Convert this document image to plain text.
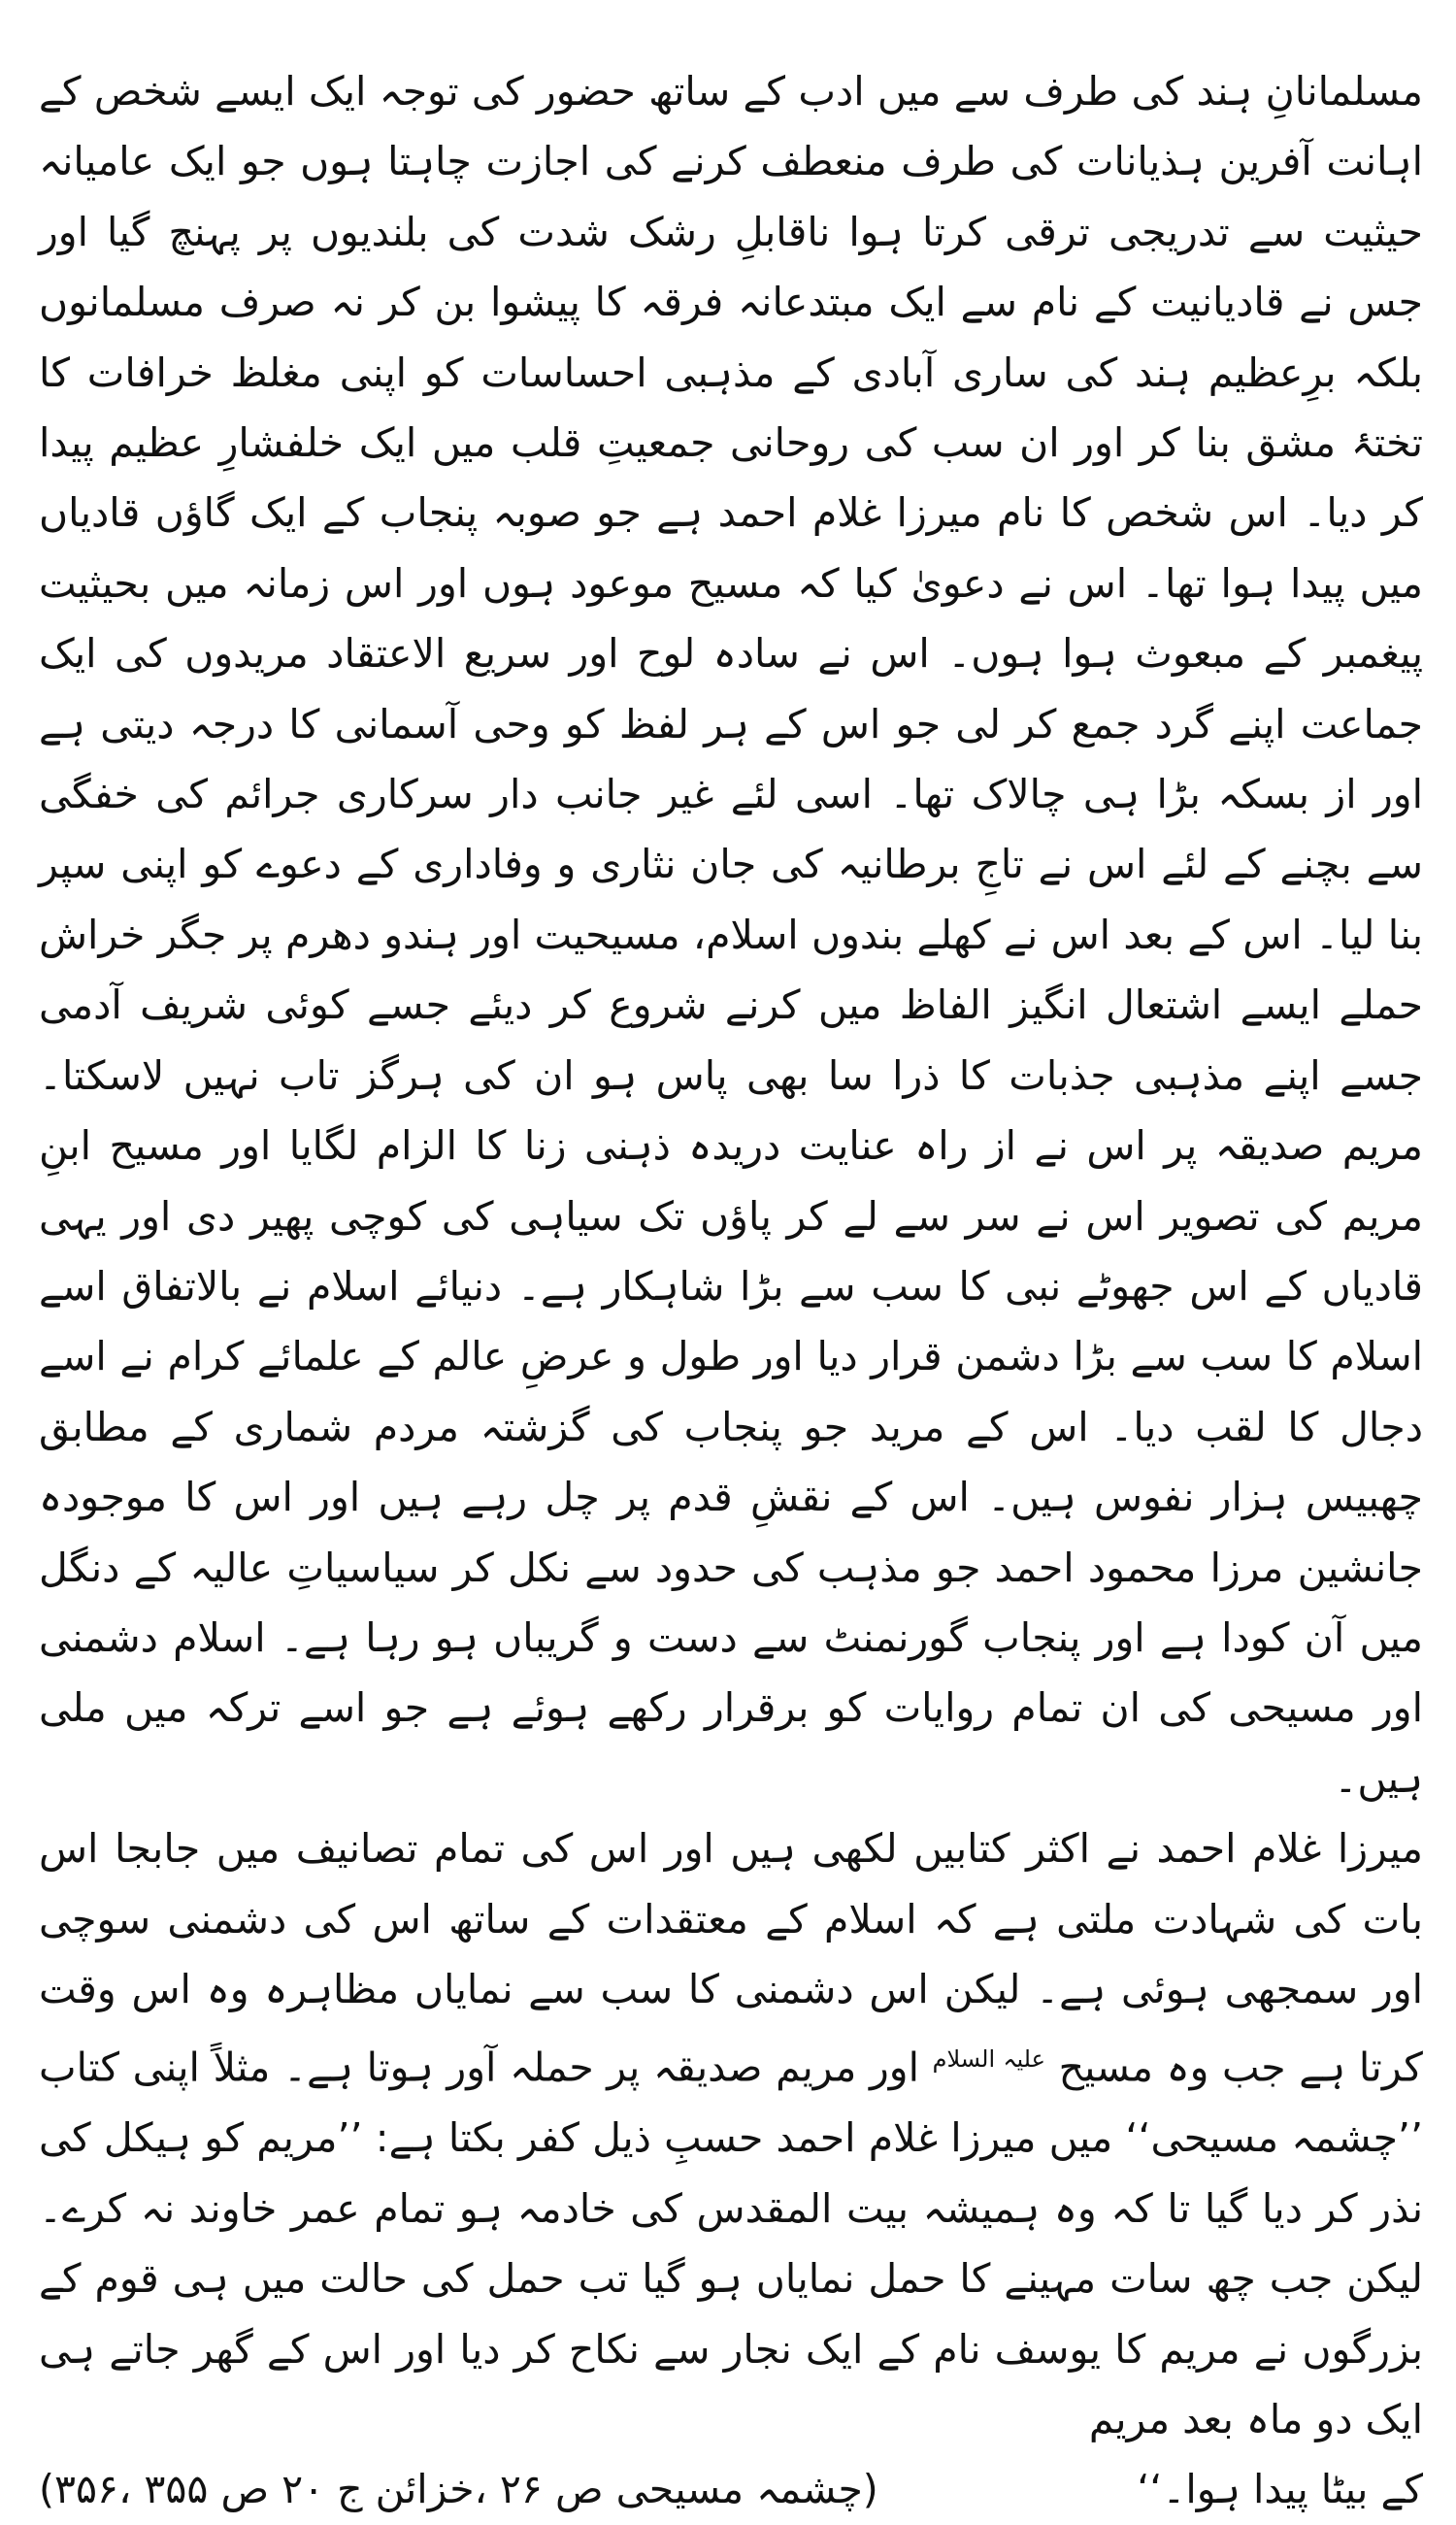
مسلمانانِ ہند کی طرف سے میں ادب کے ساتھ حضور کی توجہ ایک ایسے شخص کے اہانت آفرین ہذیانات کی طرف منعطف کرنے کی اجازت چاہتا ہوں جو ایک عامیانہ حیثیت سے تدریجی ترقی کرتا ہوا ناقابلِ رشک شدت کی بلندیوں پر پہنچ گیا اور جس نے قادیانیت کے نام سے ایک مبتدعانہ فرقہ کا پیشوا بن کر نہ صرف مسلمانوں بلکہ برِعظیم ہند کی ساری آبادی کے مذہبی احساسات کو اپنی مغلظ خرافات کا تختۂ مشق بنا کر اور ان سب کی روحانی جمعیتِ قلب میں ایک خلفشارِ عظیم پیدا کر دیا۔ اس شخص کا نام میرزا غلام احمد ہے جو صوبہ پنجاب کے ایک گاؤں قادیاں میں پیدا ہوا تھا۔ اس نے دعویٰ کیا کہ مسیح موعود ہوں اور اس زمانہ میں بحیثیت پیغمبر کے مبعوث ہوا ہوں۔ اس نے سادہ لوح اور سریع الاعتقاد مریدوں کی ایک جماعت اپنے گرد جمع کر لی جو اس کے ہر لفظ کو وحی آسمانی کا درجہ دیتی ہے اور از بسکہ بڑا ہی چالاک تھا۔ اسی لئے غیر جانب دار سرکاری جرائم کی خفگی سے بچنے کے لئے اس نے تاجِ برطانیہ کی جان نثاری و وفاداری کے دعوے کو اپنی سپر بنا لیا۔ اس کے بعد اس نے کھلے بندوں اسلام، مسیحیت اور ہندو دھرم پر جگر خراش حملے ایسے اشتعال انگیز الفاظ میں کرنے شروع کر دیئے جسے کوئی شریف آدمی جسے اپنے مذہبی جذبات کا ذرا سا بھی پاس ہو ان کی ہرگز تاب نہیں لاسکتا۔ مریم صدیقہ پر اس نے از راہ عنایت دریدہ ذہنی زنا کا الزام لگایا اور مسیح ابنِ مریم کی تصویر اس نے سر سے لے کر پاؤں تک سیاہی کی کوچی پھیر دی اور یہی قادیاں کے اس جھوٹے نبی کا سب سے بڑا شاہکار ہے۔ دنیائے اسلام نے بالاتفاق اسے اسلام کا سب سے بڑا دشمن قرار دیا اور طول و عرضِ عالم کے علمائے کرام نے اسے دجال کا لقب دیا۔ اس کے مرید جو پنجاب کی گزشتہ مردم شماری کے مطابق چھبیس ہزار نفوس ہیں۔ اس کے نقشِ قدم پر چل رہے ہیں اور اس کا موجودہ جانشین مرزا محمود احمد جو مذہب کی حدود سے نکل کر سیاسیاتِ عالیہ کے دنگل میں آن کودا ہے اور پنجاب گورنمنٹ سے دست و گریباں ہو رہا ہے۔ اسلام دشمنی اور مسیحی کی ان تمام روایات کو برقرار رکھے ہوئے ہے جو اسے ترکہ میں ملی ہیں۔

میرزا غلام احمد نے اکثر کتابیں لکھی ہیں اور اس کی تمام تصانیف میں جابجا اس بات کی شہادت ملتی ہے کہ اسلام کے معتقدات کے ساتھ اس کی دشمنی سوچی اور سمجھی ہوئی ہے۔ لیکن اس دشمنی کا سب سے نمایاں مظاہرہ وہ اس وقت کرتا ہے جب وہ مسیح $^{علیہ السلام}$ اور مریم صدیقہ پر حملہ آور ہوتا ہے۔ مثلاً اپنی کتاب ’’چشمہ مسیحی‘‘ میں میرزا غلام احمد حسبِ ذیل کفر بکتا ہے: ’’مریم کو ہیکل کی نذر کر دیا گیا تا کہ وہ ہمیشہ بیت المقدس کی خادمہ ہو تمام عمر خاوند نہ کرے۔ لیکن جب چھ سات مہینے کا حمل نمایاں ہو گیا تب حمل کی حالت میں ہی قوم کے بزرگوں نے مریم کا یوسف نام کے ایک نجار سے نکاح کر دیا اور اس کے گھر جاتے ہی ایک دو ماہ بعد مریم

کے بیٹا پیدا ہوا۔‘‘
(چشمہ مسیحی ص ۲۶ ،خزائن ج ۲۰ ص ۳۵۵ ،۳۵۶)
